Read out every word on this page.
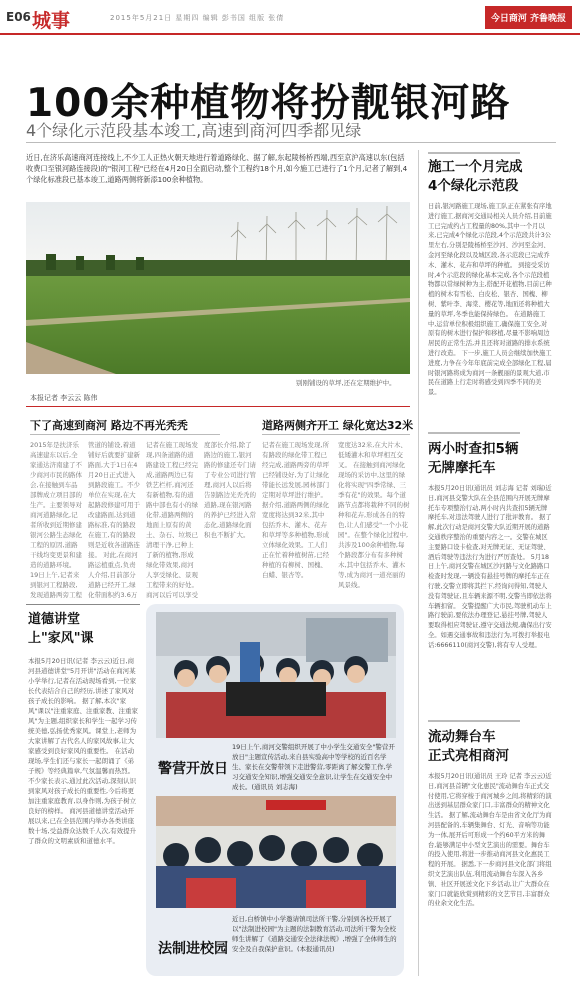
E06 城事	2015年5月21日 星期四 编辑 彭书国 组版 张倩	今日商河 齐鲁晚报
100余种植物将扮靓银河路
4个绿化示范段基本竣工,高速到商河四季都见绿
近日,在济乐高速商河连接线上,不少工人正热火朝天地进行着道路绿化、据了解,东起陵杨桥西端,西至京沪高速以东(包括收费口至银河路连接段)的"银河工程"已经在4月20日全面启动,整个工程约18个月,如今施工已进行了1个月,记者了解到,4个绿化标准段已基本竣工,道路两侧将新添100余种植物。
别刚铺设的草坪,还在定期维护中。
本报记者 李云云 陈伟
下了高速到商河 路边不再光秃秃
2015年是扶济乐高速建东以后,全家通达济南建了不少商河市民的路体会,在接触到车品部牌成立项目部的生产。主要领导对商河道路绿化,记者所收到近期修建银河公路生态绿化工程的原因,道路干线均变更景和建造的道路环境。19日上午,记者来到银河工程路段,发现道路两旁工程
管道的铺设,着道铺好后就要扩建新路面,大于1日在4月20日正式进入到路段施工。不少单位在实现,在大起路段修建可用于改建路面,达到道路标准,有的路段在施工,有的路段则是近收各道路连接。 对此,在商河路运植重点,负责人介绍,目前部分道路已经开工,绿化带面积约3.6万
记者在施工现场发现,四条道路的道路建设工程已经完成,道路两边已有铁艺栏杆,商河还有新植物,有的道路中部也有小的绿化带,道路两侧的地面上原有的黄土、杂石、垃圾已清理干净,已种上了新的植物,形成绿化带效果,商河人享受绿化、景观工程带来的好处。商河以后可以享受
度部长介绍,除了路边的施工,银河路的修建还专门请了专业公司进行管理,商河人以后将告别路边光秃秃的道路,现在银河路的养护已经进入常态化,道路绿化面积也不断扩大。
道路两侧齐开工 绿化宽达32米
记者在施工现场发现,所有路段的绿化带工程已经完成,道路两旁的草坪已经铺设好,为了让绿化带能长远发展,园林部门定期对草坪进行维护。据介绍,道路两侧的绿化宽度将达到32米,其中包括乔木、灌木、花卉和草坪等多种植物,形成立体绿化效果。工人们正在忙着种植树苗,已经种植的有柳树、国槐、白蜡、银杏等。
宽度达32米,在大片木、低矮灌木和草坪相互交叉。 在接触到商河绿化现场的采访中,这里的绿化将实现"四季常绿、三季有花"的效果。每个道路节点都将栽种不同的树种和花卉,形成各自的特色,让人们感受"一个小花园"。在整个绿化过程中,共涉及100余种植物,每个路段都分布有多种树木,其中包括乔木、灌木等,成为商河一道亮丽的风景线。
施工一个月完成
4个绿化示范段
日前,银河路施工现场,施工队正在紧张有序地进行施工,据商河交通局相关人员介绍,目前施工已完成约占工程量的80%,其中一个月以来,已完成4个绿化示范段,4个示范段共计3公里左右,分别是陵杨桥至沙河、沙河至金河、金河至绿化段以及城区段,各示范段已完成乔木、灌木、花卉和草坪的种植。 到接受采访时,4个示范段的绿化基本完成,各个示范段植物都以常绿树种为主,搭配开花植物,目前已种植的树木有雪松、白皮松、银杏、国槐、柳树、紫叶李、海棠、樱花等,地面还将种植大量的草坪,冬季也能保持绿色。 在道路施工中,运营单位积极组织施工,确保施工安全,对原有的树木进行保护和移植,尽量不影响周边居民的正常生活,并且还将对道路的排水系统进行改造。 下一步,施工人员会继续加快施工进度,力争在今年年底前完成全部绿化工程,届时银河路将成为商河一条靓丽的景观大道,市民在道路上行走时将感受到四季不同的美景。
两小时查扣5辆
无牌摩托车
本报5月20日讯(通讯员 刘志海 记者 刘瑞)近日,商河县交警大队在全县范围内开展无牌摩托车专项整治行动,两小时内共查扣5辆无牌摩托车,对违法驾驶人进行了批评教育。 据了解,此次行动是商河交警大队近期开展的道路交通秩序整治的重要内容之一。交警在城区主要路口设卡检查,对无牌无证、无证驾驶、酒后驾驶等违法行为进行严厉查处。 5月18日上午,商河交警在城区沙河路与文化路路口检查时发现,一辆没有悬挂号牌的摩托车正在行驶,交警立即将其拦下,经询问得知,驾驶人没有驾驶证,且车辆来源不明,交警当即依法将车辆扣留。 交警提醒广大市民,驾驶机动车上路行驶前,要依法办理登记,悬挂号牌,驾驶人要取得相应驾驶证,遵守交通法规,确保出行安全。如遇交通事故和违法行为,可拨打举报电话:6666110(商河交警),将有专人受理。
流动舞台车
正式亮相商河
本报5月20日讯(通讯员 王玲 记者 李云云)近日,商河县首辆"文化惠民"流动舞台车正式交付使用,它将穿梭于商河城乡之间,将精彩的演出送到基层群众家门口,丰富群众的精神文化生活。 据了解,流动舞台车是由省文化厅为商河县配备的,车辆集舞台、灯光、音响等功能为一体,展开后可形成一个约60平方米的舞台,能够满足中小型文艺演出的需要。舞台车的投入使用,将进一步推动商河县文化惠民工程的开展。 据悉,下一步商河县文化部门将组织文艺演出队伍,利用流动舞台车深入各乡镇、社区开展送文化下乡活动,让广大群众在家门口就能欣赏到精彩的文艺节目,丰富群众的业余文化生活。
道德讲堂
上"家风"课
本报5月20日讯(记者 李云云)近日,商河县道德讲堂"5月开讲"活动在商河某小学举行,记者在活动现场看到,一位家长代表结合自己的经历,讲述了家风对孩子成长的影响。 据了解,本次"家风"课以"注重家庭、注重家教、注重家风"为主题,组织家长和学生一起学习传统美德,弘扬优秀家风。课堂上,老师为大家讲解了古代名人的家风故事,让大家感受到良好家风的重要性。 在活动现场,学生们还与家长一起朗诵了《弟子规》等经典篇章,气氛温馨而热烈。不少家长表示,通过此次活动,深刻认识到家风对孩子成长的重要性,今后将更加注重家庭教育,以身作则,为孩子树立良好的榜样。 商河县道德讲堂活动开展以来,已在全县范围内举办各类讲座数十场,受益群众达数千人次,有效提升了群众的文明素质和道德水平。
警营开放日
19日上午,商河交警组织开展了中小学生交通安全"警营开放日"主题宣传活动,来自县实验高中等学校的近百名学生、家长在交警带领下走进警营,零距离了解交警工作,学习交通安全知识,增强交通安全意识,让学生在交通安全中成长。(通讯员 刘志海)
法制进校园
近日,白桥镇中小学邀请镇司法所干警,分别到各校开展了以"法制进校园"为主题的法制教育活动,司法所干警为全校师生讲解了《道路交通安全法律法规》,增强了全体师生的安全及自我保护意识。(本报通讯员)
